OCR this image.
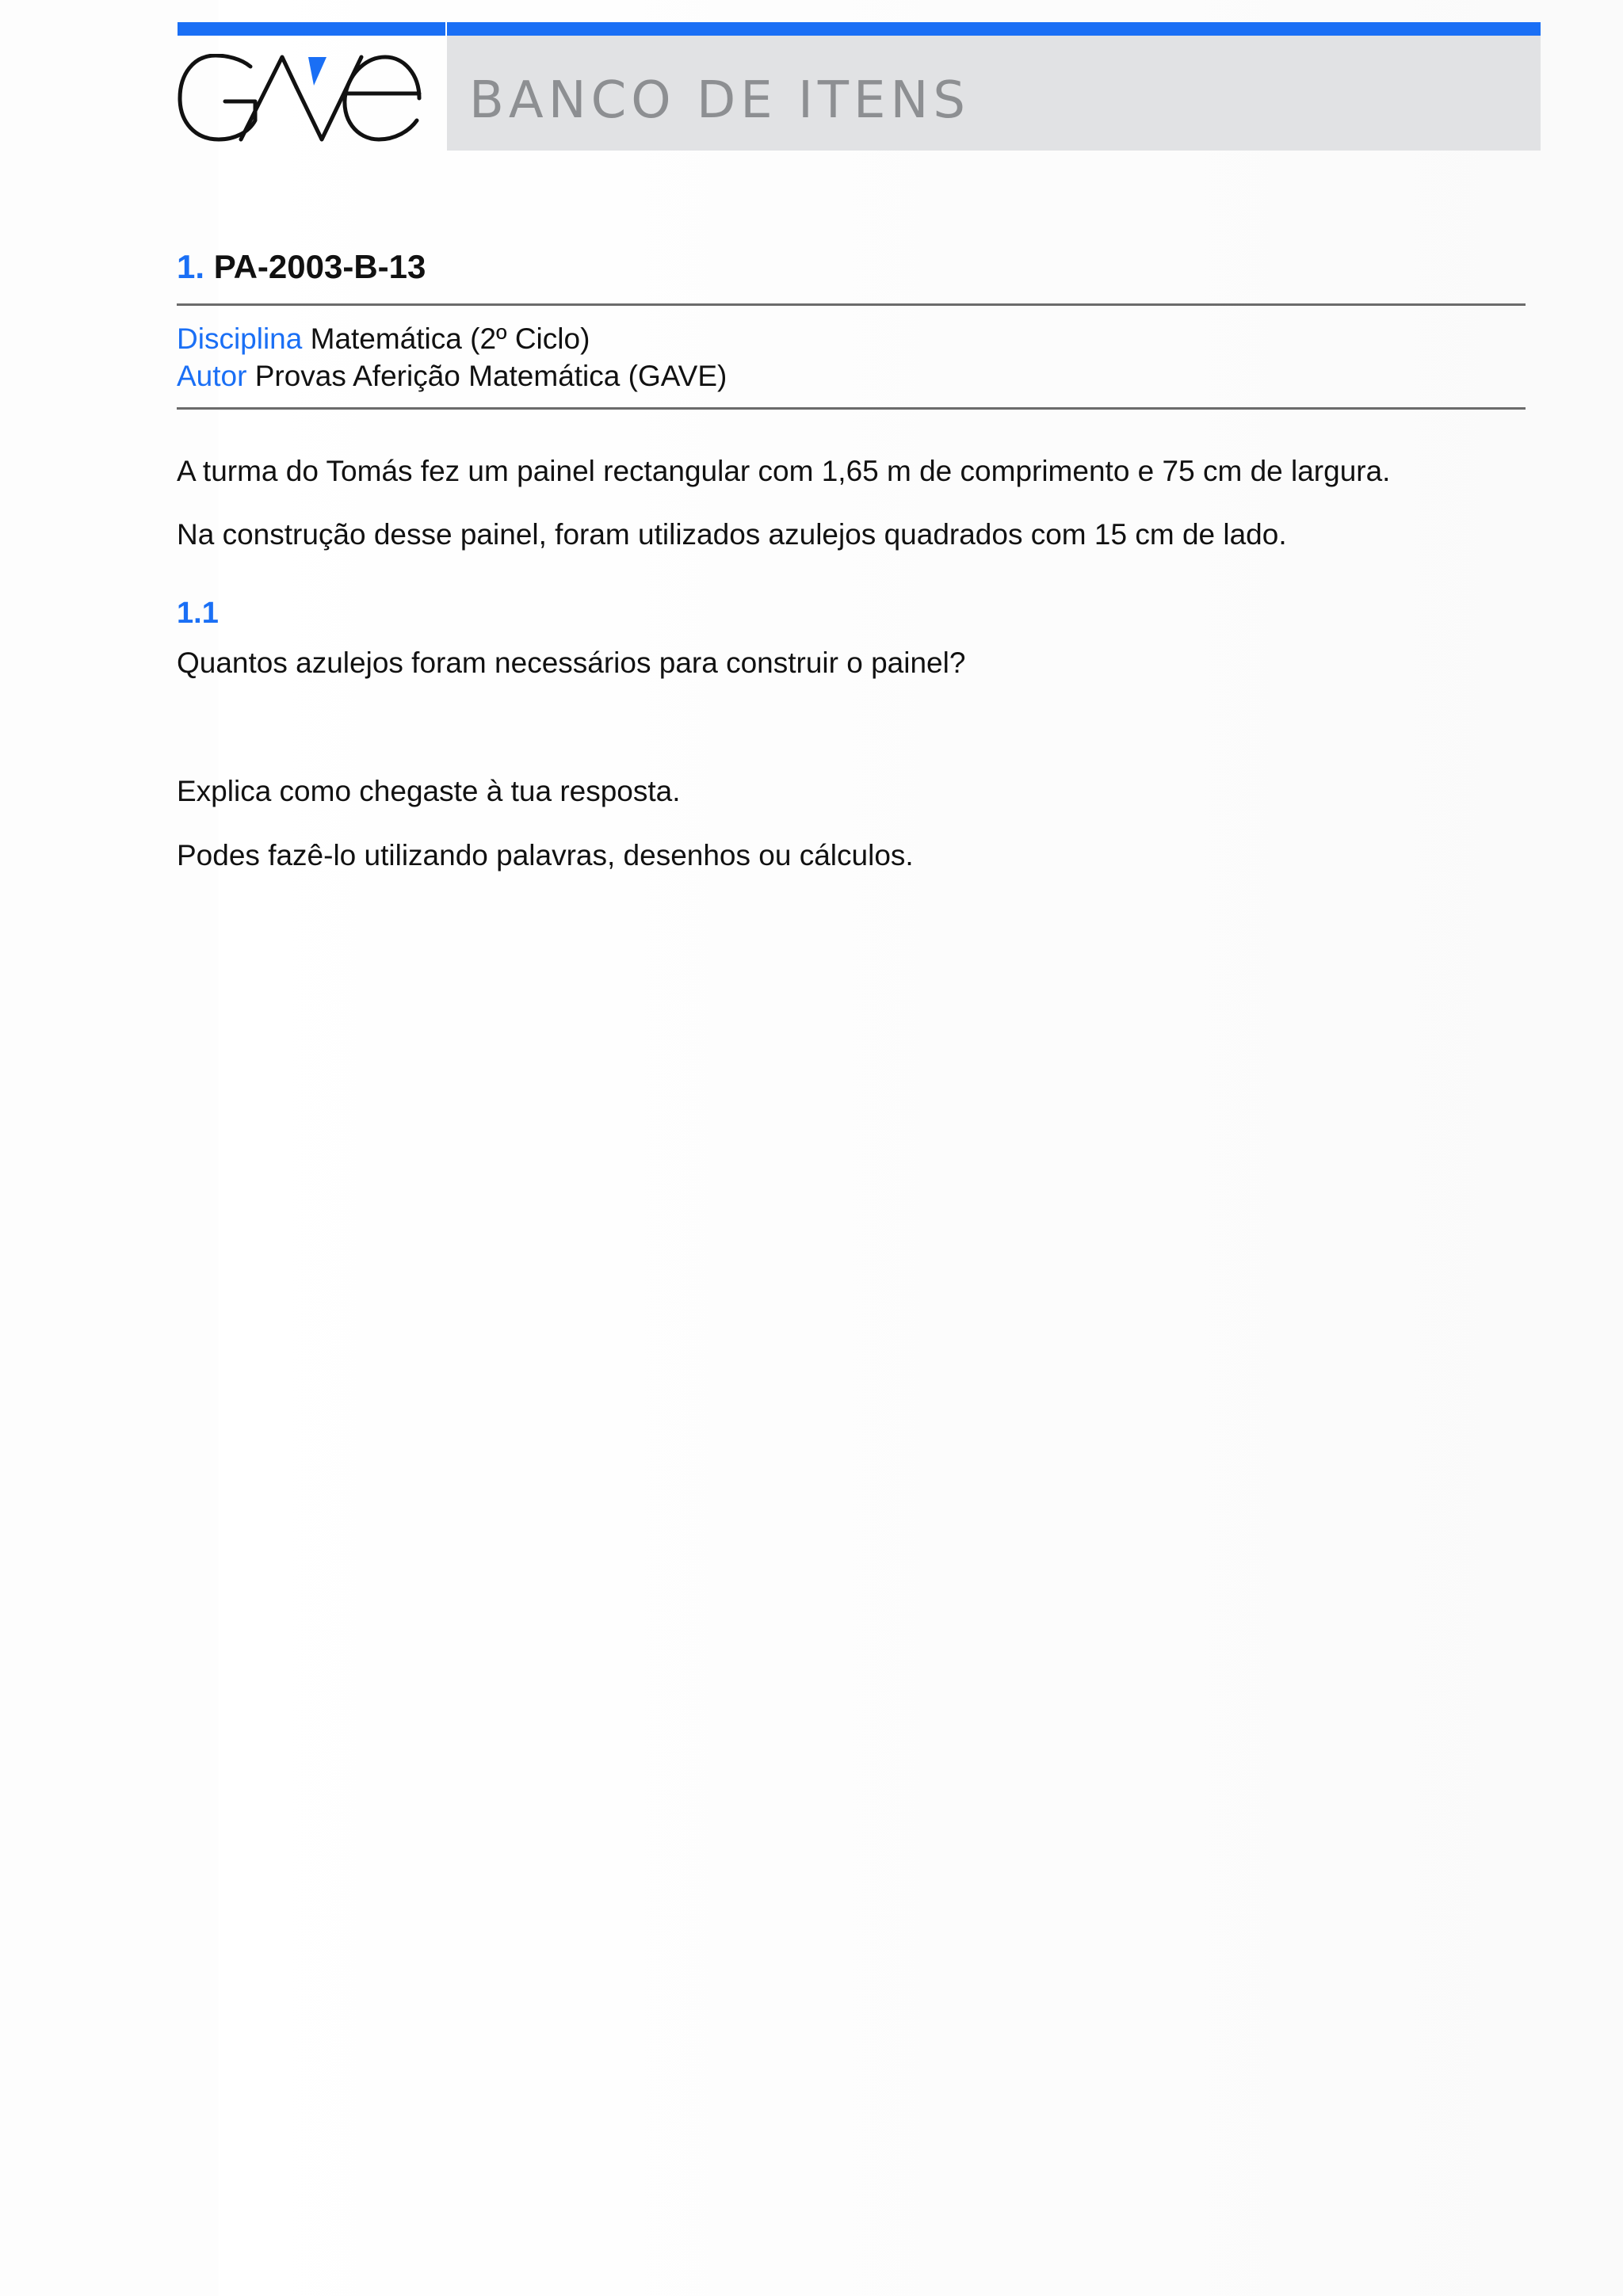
BANCO DE ITENS
1. PA-2003-B-13
Disciplina Matemática (2º Ciclo)
Autor Provas Aferição Matemática (GAVE)
A turma do Tomás fez um painel rectangular com 1,65 m de comprimento e 75 cm de largura.
Na construção desse painel, foram utilizados azulejos quadrados com 15 cm de lado.
1.1
Quantos azulejos foram necessários para construir o painel?
Explica como chegaste à tua resposta.
Podes fazê-lo utilizando palavras, desenhos ou cálculos.
